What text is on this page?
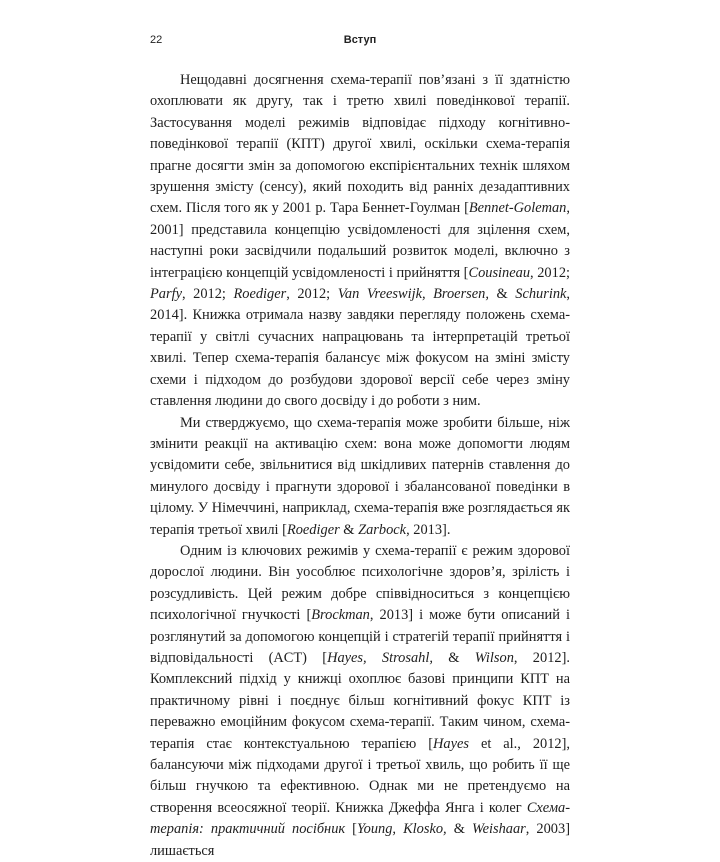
22	Вступ

Нещодавні досягнення схема-терапії пов’язані з її здатністю охоплювати як другу, так і третю хвилі поведінкової терапії. Застосування моделі режимів відповідає підходу когнітивно-поведінкової терапії (КПТ) другої хвилі, оскільки схема-терапія прагне досягти змін за допомогою експірієнтальних технік шляхом зрушення змісту (сенсу), який походить від ранніх дезадаптивних схем. Після того як у 2001 р. Тара Беннет-Гоулман [Bennet-Goleman, 2001] представила концепцію усвідомленості для зцілення схем, наступні роки засвідчили подальший розвиток моделі, включно з інтеграцією концепцій усвідомленості і прийняття [Cousineau, 2012; Parfy, 2012; Roediger, 2012; Van Vreeswijk, Broersen, & Schurink, 2014]. Книжка отримала назву завдяки перегляду положень схема-терапії у світлі сучасних напрацювань та інтерпретацій третьої хвилі. Тепер схема-терапія балансує між фокусом на зміні змісту схеми і підходом до розбудови здорової версії себе через зміну ставлення людини до свого досвіду і до роботи з ним.

Ми стверджуємо, що схема-терапія може зробити більше, ніж змінити реакції на активацію схем: вона може допомогти людям усвідомити себе, звільнитися від шкідливих патернів ставлення до минулого досвіду і прагнути здорової і збалансованої поведінки в цілому. У Німеччині, наприклад, схема-терапія вже розглядається як терапія третьої хвилі [Roediger & Zarbock, 2013].

Одним із ключових режимів у схема-терапії є режим здорової дорослої людини. Він уособлює психологічне здоров’я, зрілість і розсудливість. Цей режим добре співвідноситься з концепцією психологічної гнучкості [Brockman, 2013] і може бути описаний і розглянутий за допомогою концепцій і стратегій терапії прийняття і відповідальності (ACT) [Hayes, Strosahl, & Wilson, 2012]. Комплексний підхід у книжці охоплює базові принципи КПТ на практичному рівні і поєднує більш когнітивний фокус КПТ із переважно емоційним фокусом схема-терапії. Таким чином, схема-терапія стає контекстуальною терапією [Hayes et al., 2012], балансуючи між підходами другої і третьої хвиль, що робить її ще більш гнучкою та ефективною. Однак ми не претендуємо на створення всеосяжної теорії. Книжка Джеффа Янга і колег Схема-терапія: практичний посібник [Young, Klosko, & Weishaar, 2003] лишається
